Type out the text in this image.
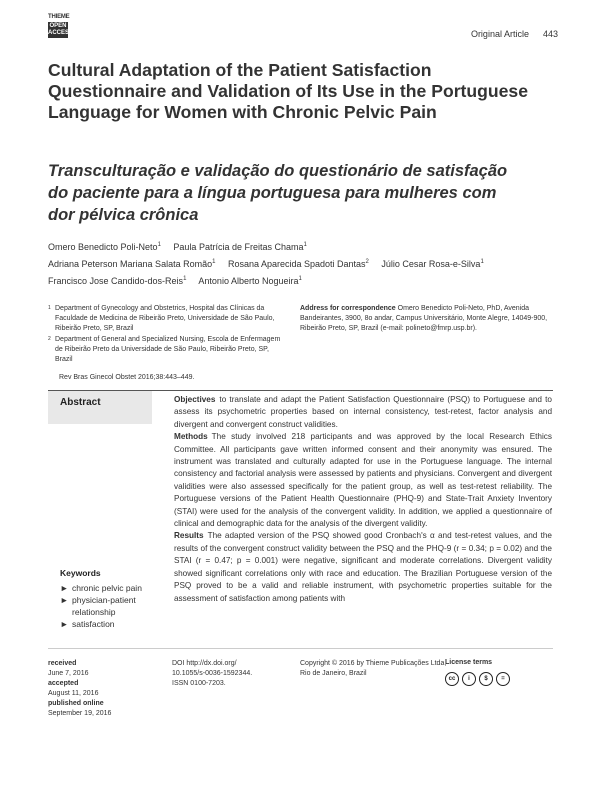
THIEME
OPEN
ACCESS	Original Article 443
Cultural Adaptation of the Patient Satisfaction Questionnaire and Validation of Its Use in the Portuguese Language for Women with Chronic Pelvic Pain
Transculturação e validação do questionário de satisfação do paciente para a língua portuguesa para mulheres com dor pélvica crônica
Omero Benedicto Poli-Neto$^1$ Paula Patrícia de Freitas Chama$^1$
Adriana Peterson Mariana Salata Romão$^1$ Rosana Aparecida Spadoti Dantas$^2$ Júlio Cesar Rosa-e-Silva$^1$
Francisco Jose Candido-dos-Reis$^1$ Antonio Alberto Nogueira$^1$
1 Department of Gynecology and Obstetrics, Hospital das Clínicas da Faculdade de Medicina de Ribeirão Preto, Universidade de São Paulo, Ribeirão Preto, SP, Brazil
2 Department of General and Specialized Nursing, Escola de Enfermagem de Ribeirão Preto da Universidade de São Paulo, Ribeirão Preto, SP, Brazil
Address for correspondence Omero Benedicto Poli-Neto, PhD, Avenida Bandeirantes, 3900, 8o andar, Campus Universitário, Monte Alegre, 14049-900, Ribeirão Preto, SP, Brazil (e-mail: polineto@fmrp.usp.br).
Rev Bras Ginecol Obstet 2016;38:443–449.
Abstract	Objectives to translate and adapt the Patient Satisfaction Questionnaire (PSQ) to Portuguese and to assess its psychometric properties based on internal consistency, test-retest, factor analysis and divergent and convergent construct validities.

Methods The study involved 218 participants and was approved by the local Research Ethics Committee. All participants gave written informed consent and their anonymity was ensured. The instrument was translated and culturally adapted for use in the Portuguese language. The internal consistency and factorial analysis were assessed by patients and physicians. Convergent and divergent validities were also assessed specifically for the patient group, as well as test-retest reliability. The Portuguese versions of the Patient Health Questionnaire (PHQ-9) and State-Trait Anxiety Inventory (STAI) were used for the analysis of the convergent validity. In addition, we applied a questionnaire of clinical and demographic data for the analysis of the divergent validity.

Results The adapted version of the PSQ showed good Cronbach's α and test-retest values, and the results of the convergent construct validity between the PSQ and the PHQ-9 (r = 0.34; p = 0.02) and the STAI (r = 0.47; p = 0.001) were negative, significant and moderate correlations. Divergent validity showed significant correlations only with race and education. The Brazilian Portuguese version of the PSQ proved to be a valid and reliable instrument, with psychometric properties suitable for the assessment of satisfaction among patients with

Keywords
► chronic pelvic pain
► physician-patient relationship
► satisfaction
received
June 7, 2016
accepted
August 11, 2016
published online
September 19, 2016
DOI http://dx.doi.org/
10.1055/s-0036-1592344.
ISSN 0100-7203.
Copyright © 2016 by Thieme Publicações Ltda, Rio de Janeiro, Brazil
License terms
cc	i	$	=
